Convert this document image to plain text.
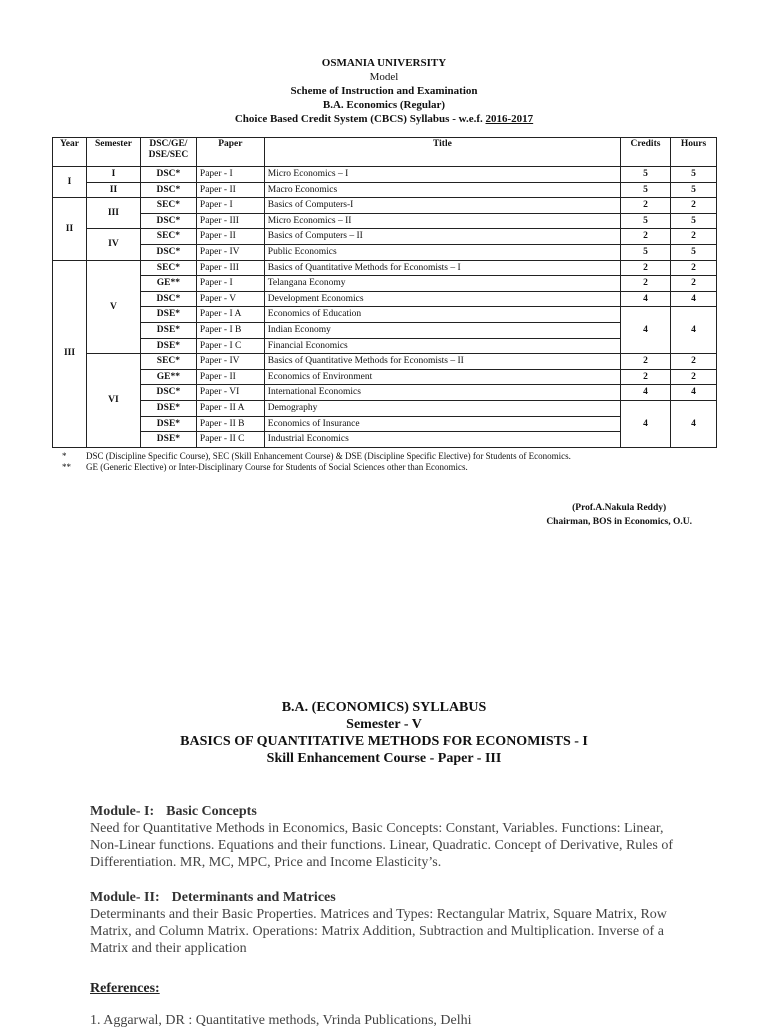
OSMANIA UNIVERSITY
Model
Scheme of Instruction and Examination
B.A. Economics (Regular)
Choice Based Credit System (CBCS) Syllabus - w.e.f. 2016-2017
Year	Semester	DSC/GE/ DSE/SEC	Paper	Title	Credits	Hours
I	I	DSC*	Paper - I	Micro Economics – I	5	5
	II	DSC*	Paper - II	Macro Economics	5	5
II	III	SEC*	Paper - I	Basics of Computers-I	2	2
		DSC*	Paper - III	Micro Economics – II	5	5
	IV	SEC*	Paper - II	Basics of Computers – II	2	2
		DSC*	Paper - IV	Public Economics	5	5
III	V	SEC*	Paper - III	Basics of Quantitative Methods for Economists – I	2	2
		GE**	Paper - I	Telangana Economy	2	2
		DSC*	Paper - V	Development Economics	4	4
		DSE*	Paper - I A	Economics of Education	4	4
		DSE*	Paper - I B	Indian Economy		
		DSE*	Paper - I C	Financial Economics		
	VI	SEC*	Paper - IV	Basics of Quantitative Methods for Economists – II	2	2
		GE**	Paper - II	Economics of Environment	2	2
		DSC*	Paper - VI	International Economics	4	4
		DSE*	Paper - II A	Demography	4	4
		DSE*	Paper - II B	Economics of Insurance		
		DSE*	Paper - II C	Industrial Economics		
*	DSC (Discipline Specific Course), SEC (Skill Enhancement Course) & DSE (Discipline Specific Elective) for Students of Economics.
**	GE (Generic Elective) or Inter-Disciplinary Course for Students of Social Sciences other than Economics.
(Prof.A.Nakula Reddy)
Chairman, BOS in Economics, O.U.
B.A. (ECONOMICS) SYLLABUS
Semester - V
BASICS OF QUANTITATIVE METHODS FOR ECONOMISTS - I
Skill Enhancement Course - Paper - III
Module- I: Basic Concepts
Need for Quantitative Methods in Economics, Basic Concepts: Constant, Variables. Functions: Linear, Non-Linear functions. Equations and their functions. Linear, Quadratic. Concept of Derivative, Rules of Differentiation. MR, MC, MPC, Price and Income Elasticity’s.
Module- II: Determinants and Matrices
Determinants and their Basic Properties. Matrices and Types: Rectangular Matrix, Square Matrix, Row Matrix, and Column Matrix. Operations: Matrix Addition, Subtraction and Multiplication. Inverse of a Matrix and their application
References:
1. Aggarwal, DR : Quantitative methods, Vrinda Publications, Delhi
